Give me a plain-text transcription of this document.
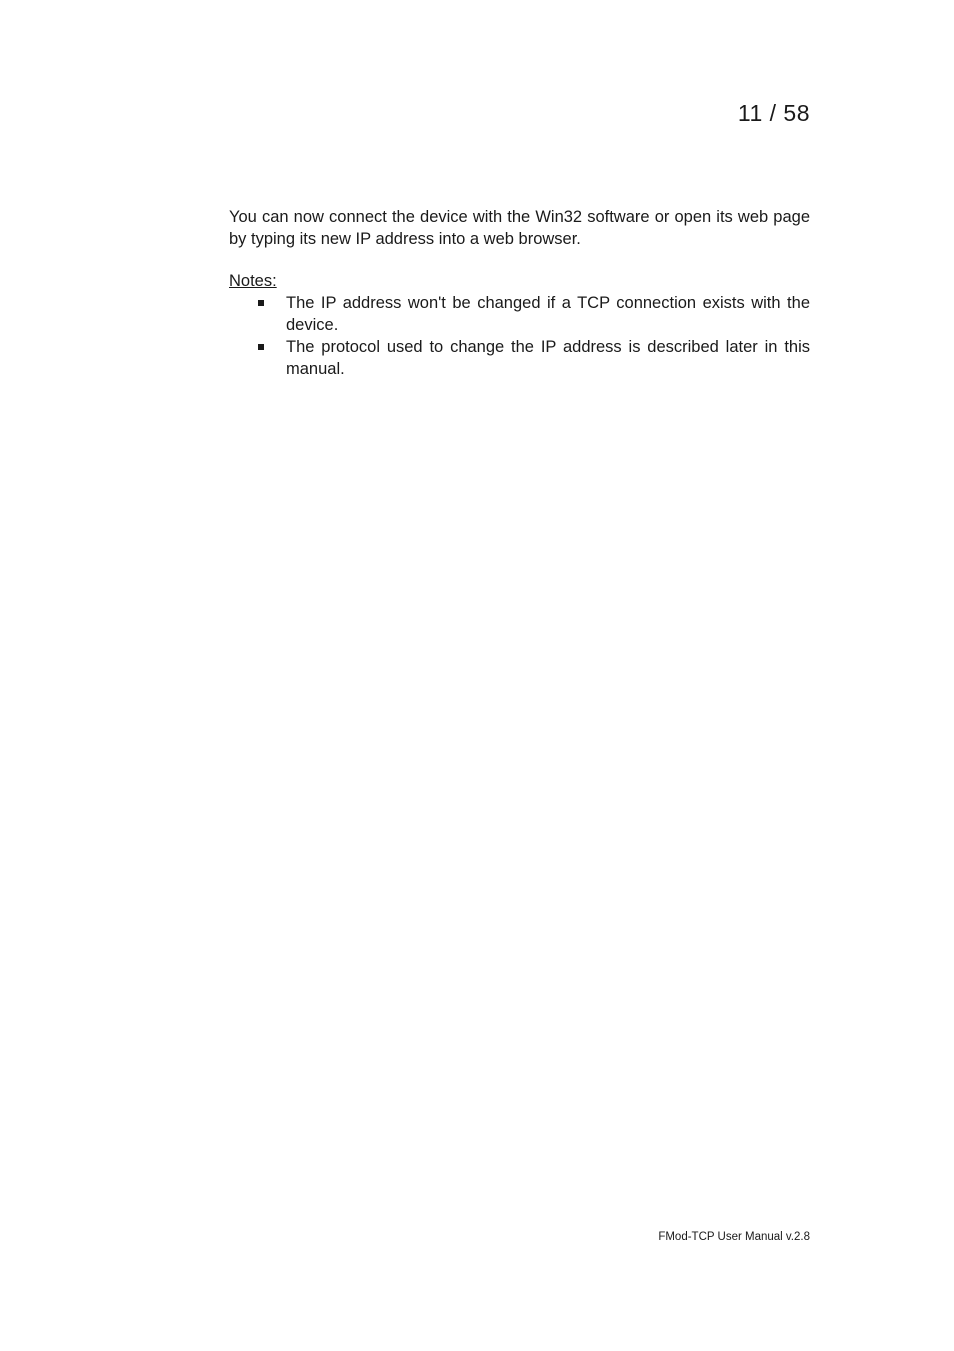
11 / 58

You can now connect the device with the Win32 software or open its web page by typing its new IP address into a web browser.

Notes:
The IP address won't be changed if a TCP connection exists with the device.
The protocol used to change the IP address is described later in this manual.
FMod-TCP User Manual v.2.8
